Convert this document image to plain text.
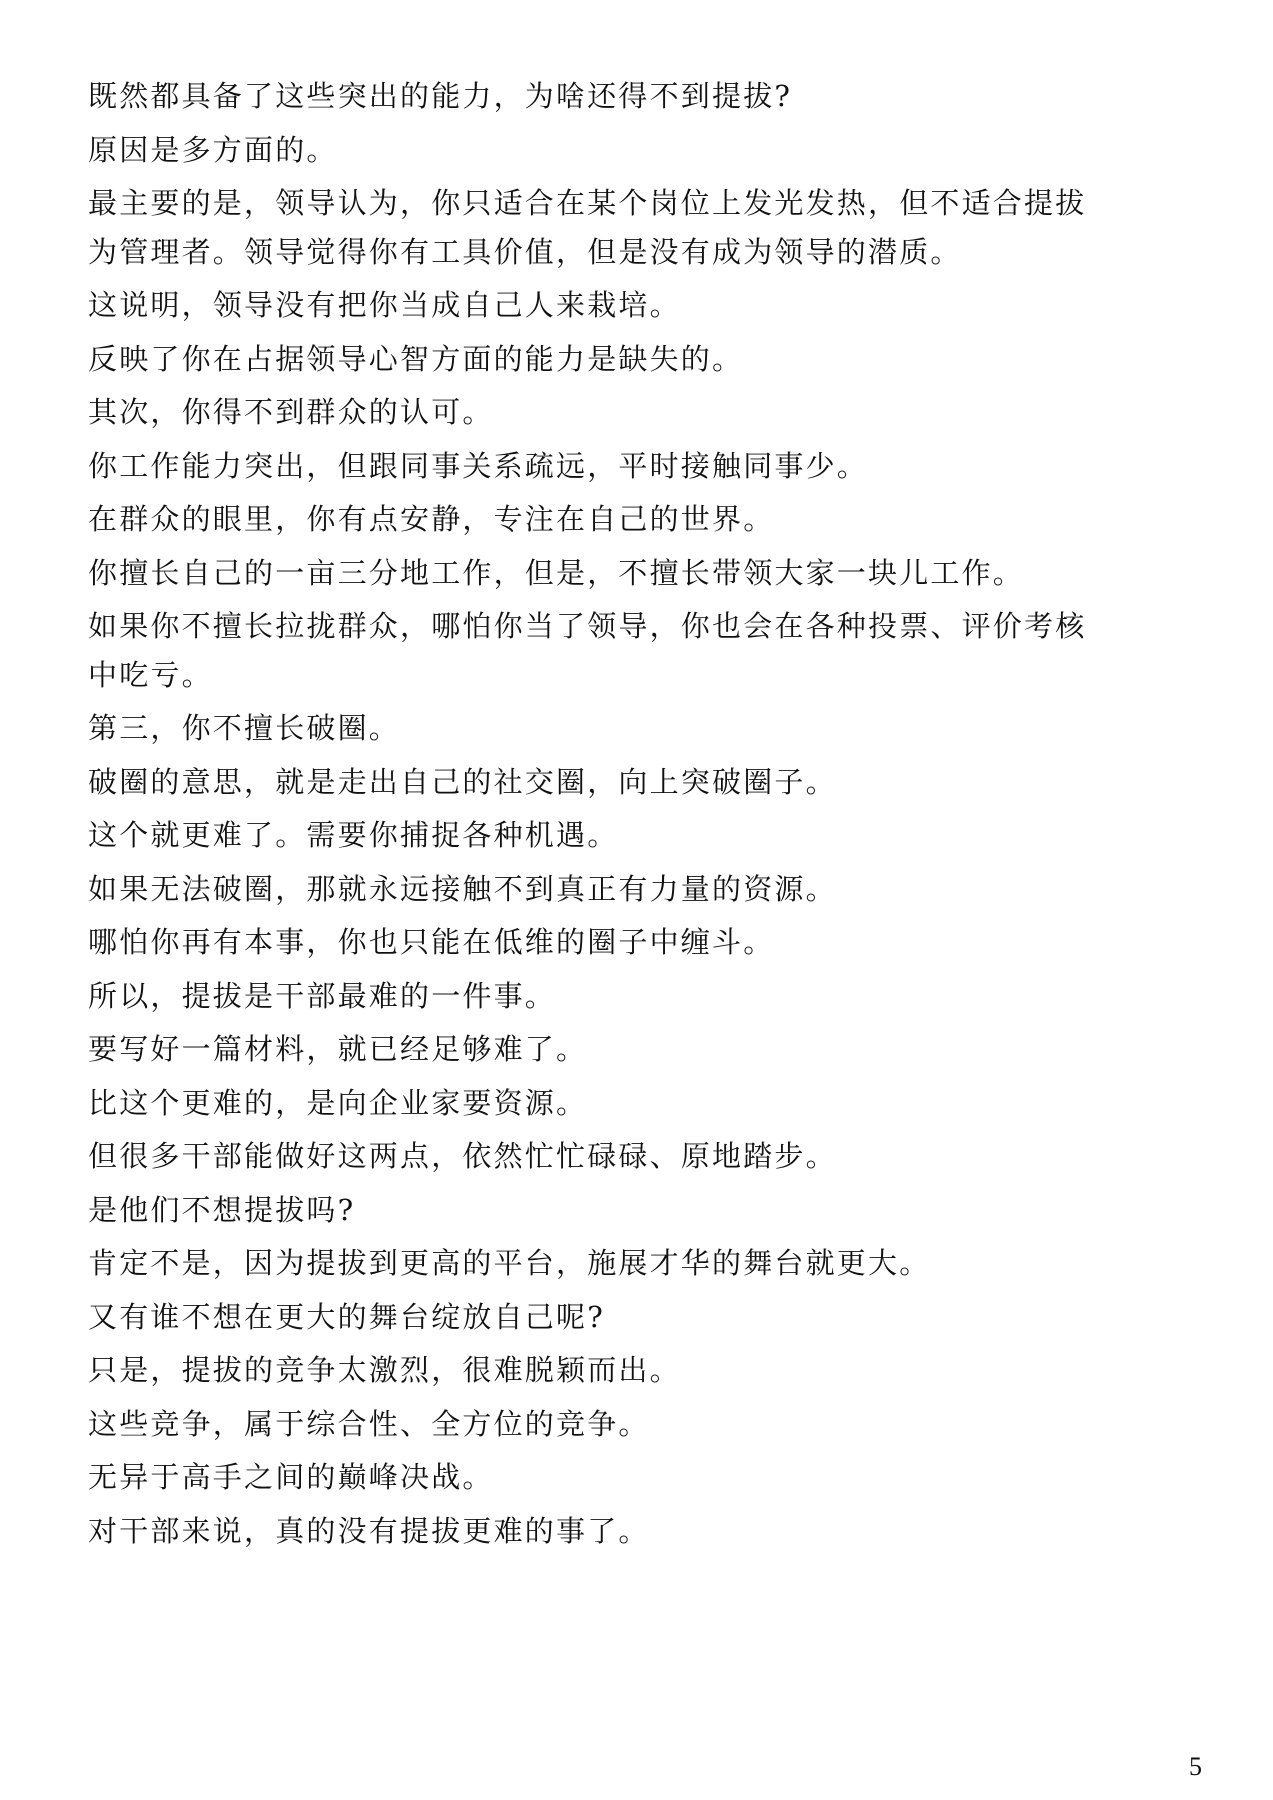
既然都具备了这些突出的能力，为啥还得不到提拔?

原因是多方面的。

最主要的是，领导认为，你只适合在某个岗位上发光发热，但不适合提拔
为管理者。领导觉得你有工具价值，但是没有成为领导的潜质。

这说明，领导没有把你当成自己人来栽培。

反映了你在占据领导心智方面的能力是缺失的。

其次，你得不到群众的认可。

你工作能力突出，但跟同事关系疏远，平时接触同事少。

在群众的眼里，你有点安静，专注在自己的世界。

你擅长自己的一亩三分地工作，但是，不擅长带领大家一块儿工作。

如果你不擅长拉拢群众，哪怕你当了领导，你也会在各种投票、评价考核
中吃亏。

第三，你不擅长破圈。

破圈的意思，就是走出自己的社交圈，向上突破圈子。

这个就更难了。需要你捕捉各种机遇。

如果无法破圈，那就永远接触不到真正有力量的资源。

哪怕你再有本事，你也只能在低维的圈子中缠斗。

所以，提拔是干部最难的一件事。

要写好一篇材料，就已经足够难了。

比这个更难的，是向企业家要资源。

但很多干部能做好这两点，依然忙忙碌碌、原地踏步。

是他们不想提拔吗?

肯定不是，因为提拔到更高的平台，施展才华的舞台就更大。

又有谁不想在更大的舞台绽放自己呢?

只是，提拔的竞争太激烈，很难脱颖而出。

这些竞争，属于综合性、全方位的竞争。

无异于高手之间的巅峰决战。

对干部来说，真的没有提拔更难的事了。

5
